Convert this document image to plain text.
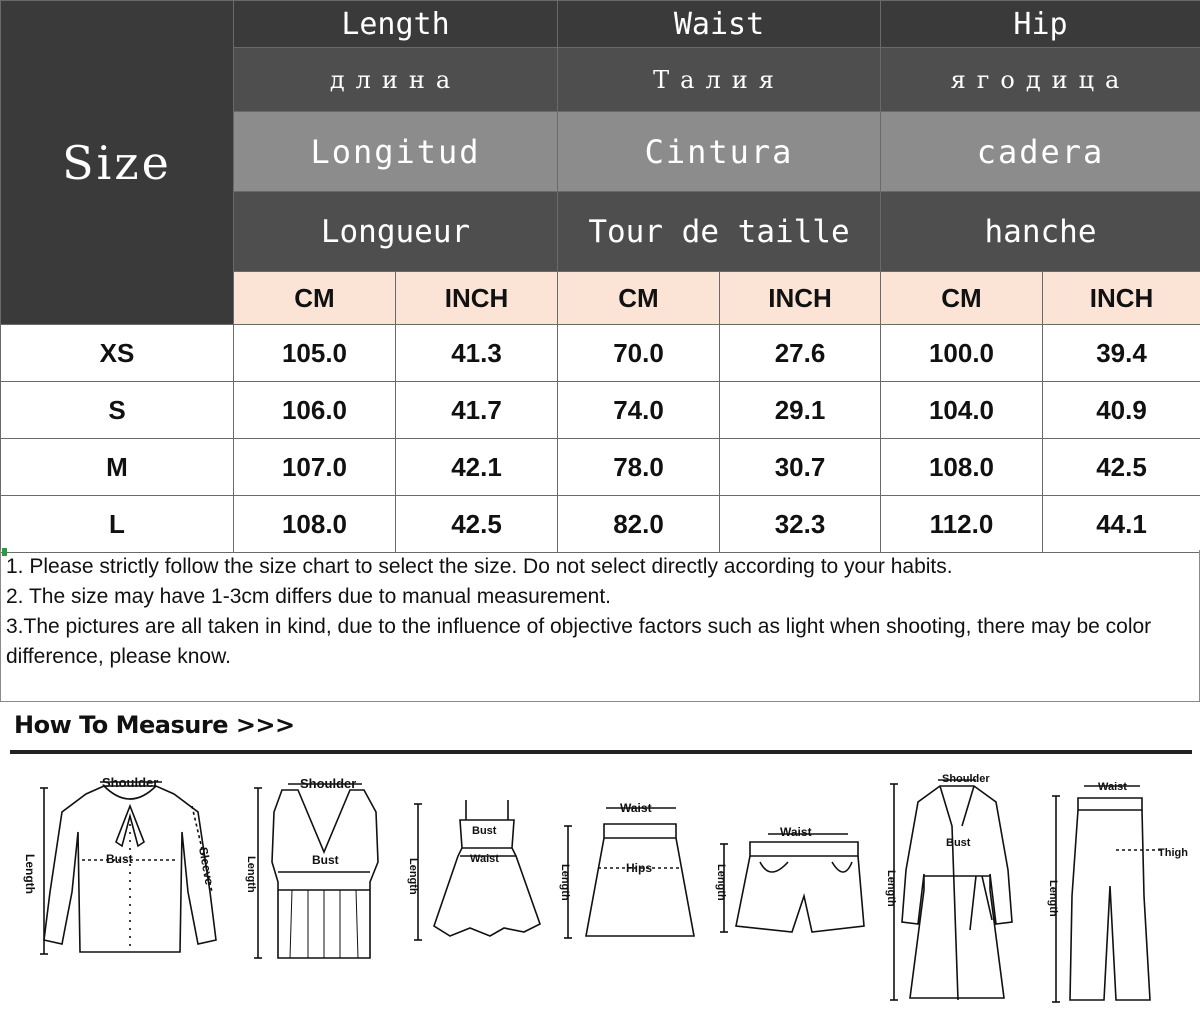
Size	Length		Waist		Hip	
	длина		Талия		ягодица	
	Longitud		Cintura		cadera	
	Longueur		Tour de taille		hanche	
	CM	INCH	CM	INCH	CM	INCH
XS	105.0	41.3	70.0	27.6	100.0	39.4
S	106.0	41.7	74.0	29.1	104.0	40.9
M	107.0	42.1	78.0	30.7	108.0	42.5
L	108.0	42.5	82.0	32.3	112.0	44.1

1. Please strictly follow the size chart to select the size. Do not select directly according to your habits.

2. The size may have 1-3cm differs due to manual measurement.

3.The pictures are all taken in kind, due to the influence of objective factors such as light when shooting, there may be color difference, please know.

How To Measure >>>
Shoulder
Bust	Sleeve
Length
Shoulder
Bust
Length
Bust
Waist
Length
Waist
Hips
Length
Waist
Length
Shoulder
Bust
Length
Waist
Thigh
Length
